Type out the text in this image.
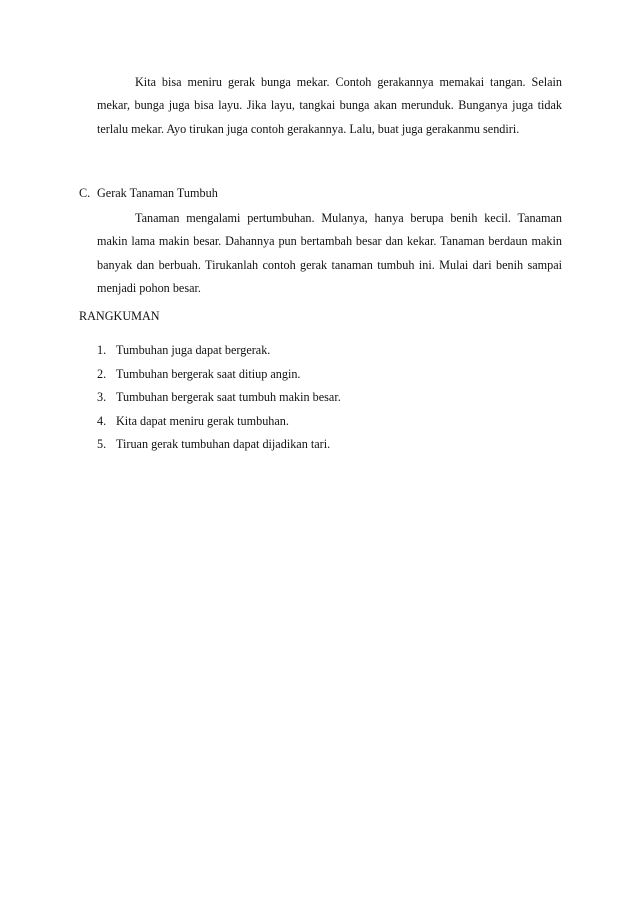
Kita bisa meniru gerak bunga mekar. Contoh gerakannya memakai tangan. Selain mekar, bunga juga bisa layu. Jika layu, tangkai bunga akan merunduk. Bunganya juga tidak terlalu mekar. Ayo tirukan juga contoh gerakannya. Lalu, buat juga gerakanmu sendiri.

C. Gerak Tanaman Tumbuh

Tanaman mengalami pertumbuhan. Mulanya, hanya berupa benih kecil. Tanaman makin lama makin besar. Dahannya pun bertambah besar dan kekar. Tanaman berdaun makin banyak dan berbuah. Tirukanlah contoh gerak tanaman tumbuh ini. Mulai dari benih sampai menjadi pohon besar.

RANGKUMAN
1. Tumbuhan juga dapat bergerak.
2. Tumbuhan bergerak saat ditiup angin.
3. Tumbuhan bergerak saat tumbuh makin besar.
4. Kita dapat meniru gerak tumbuhan.
5. Tiruan gerak tumbuhan dapat dijadikan tari.
